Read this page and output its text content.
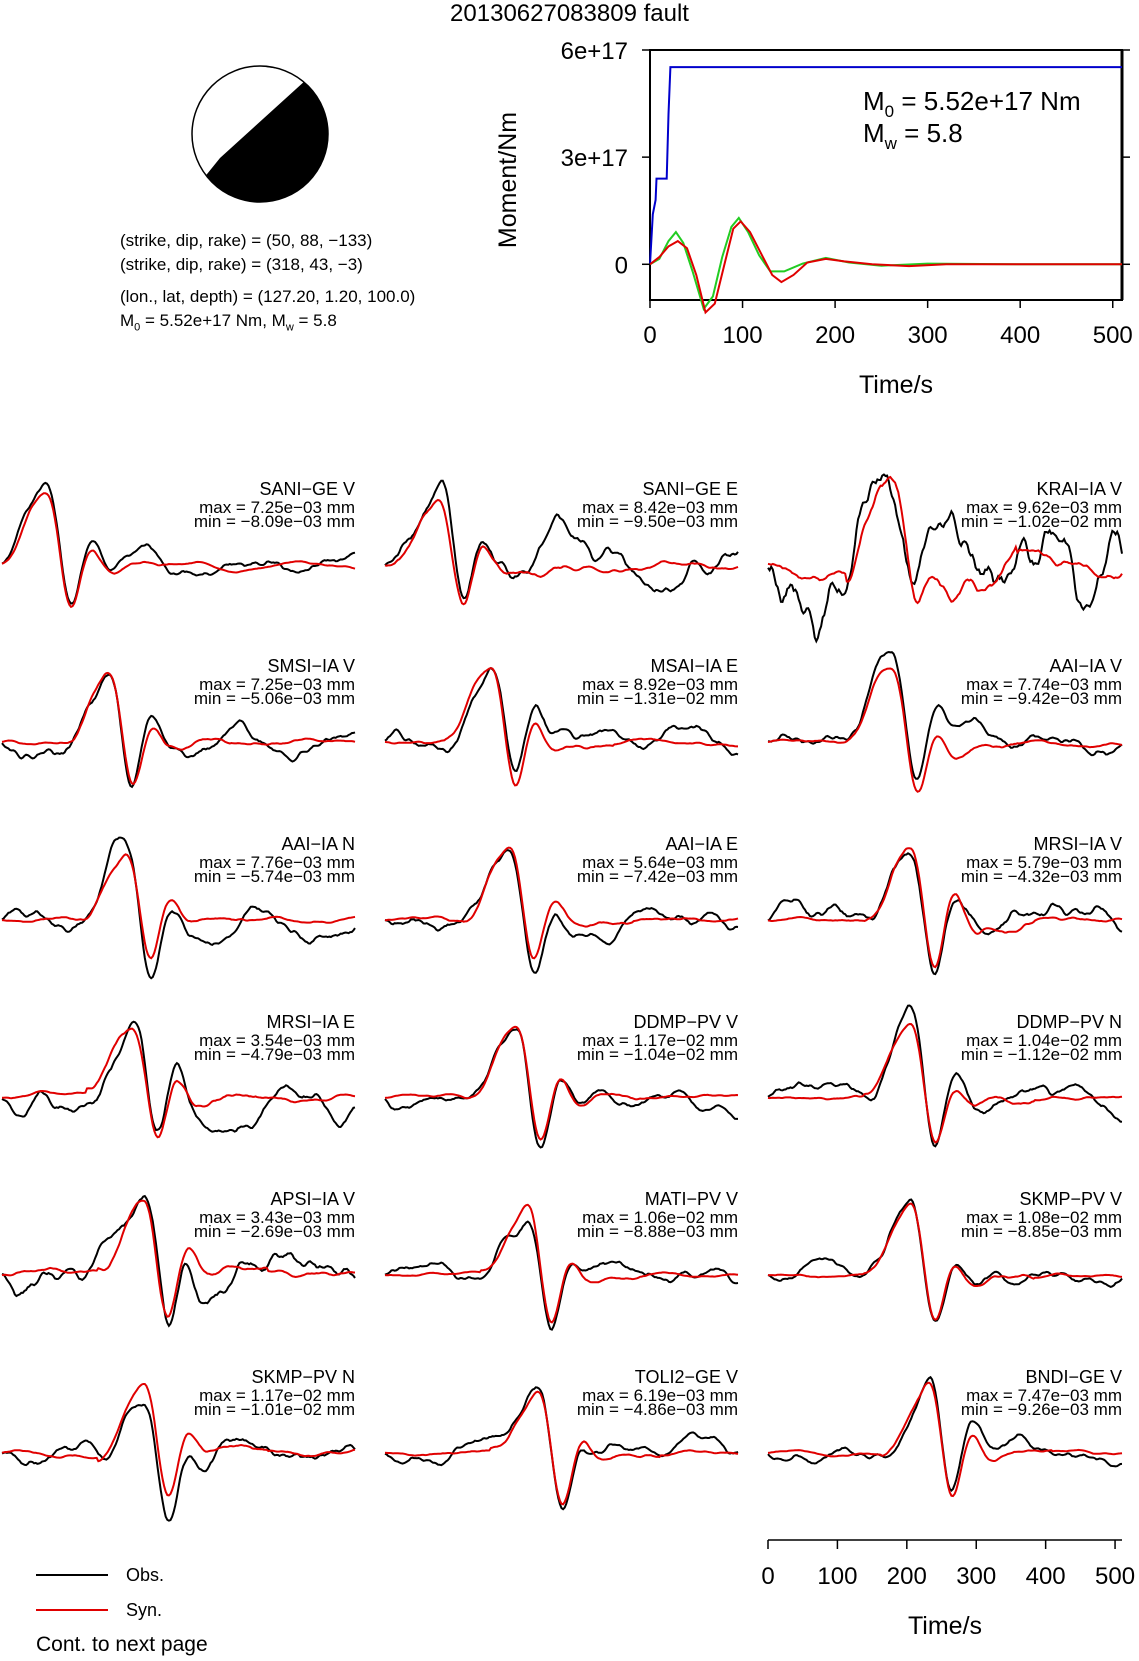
20130627083809 fault
(strike, dip, rake) = (50, 88, −133)
(strike, dip, rake) = (318, 43, −3)
(lon., lat, depth) = (127.20, 1.20, 100.0)
$M_0 = 5.52e+17$ Nm, $M_w = 5.8$
0	100 200 300 400 500
0
3e+17
6e+17
Time/s
Moment/Nm
$M_0 = 5.52e+17$ Nm
$M_w = 5.8$
SANI−GE V
max = 7.25e−03 mm
min = −8.09e−03 mm
SANI−GE E
max = 8.42e−03 mm
min = −9.50e−03 mm
KRAI−IA V
max = 9.62e−03 mm
min = −1.02e−02 mm
SMSI−IA V
max = 7.25e−03 mm
min = −5.06e−03 mm
MSAI−IA E
max = 8.92e−03 mm
min = −1.31e−02 mm
AAI−IA V
max = 7.74e−03 mm
min = −9.42e−03 mm
AAI−IA N
max = 7.76e−03 mm
min = −5.74e−03 mm
AAI−IA E
max = 5.64e−03 mm
min = −7.42e−03 mm
MRSI−IA V
max = 5.79e−03 mm
min = −4.32e−03 mm
MRSI−IA E
max = 3.54e−03 mm
min = −4.79e−03 mm
DDMP−PV V
max = 1.17e−02 mm
min = −1.04e−02 mm
DDMP−PV N
max = 1.04e−02 mm
min = −1.12e−02 mm
APSI−IA V
max = 3.43e−03 mm
min = −2.69e−03 mm
MATI−PV V
max = 1.06e−02 mm
min = −8.88e−03 mm
SKMP−PV V
max = 1.08e−02 mm
min = −8.85e−03 mm
SKMP−PV N
max = 1.17e−02 mm
min = −1.01e−02 mm
TOLI2−GE V
max = 6.19e−03 mm
min = −4.86e−03 mm
BNDI−GE V
max = 7.47e−03 mm
min = −9.26e−03 mm
0 100 200 300 400 500
Time/s
Obs.
Syn.
Cont. to next page
